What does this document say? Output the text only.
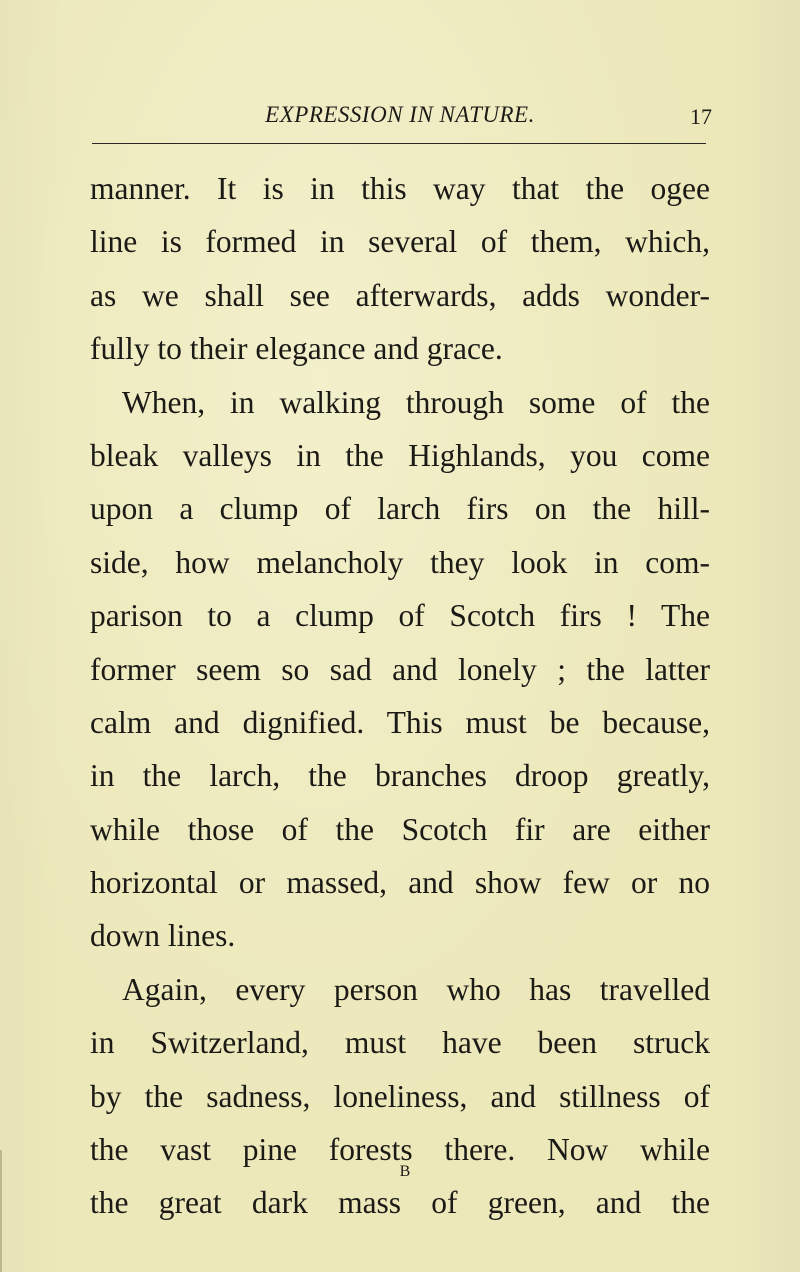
EXPRESSION IN NATURE.	17
manner. It is in this way that the ogee
line is formed in several of them, which,
as we shall see afterwards, adds wonder-
fully to their elegance and grace.
When, in walking through some of the
bleak valleys in the Highlands, you come
upon a clump of larch firs on the hill-
side, how melancholy they look in com-
parison to a clump of Scotch firs ! The
former seem so sad and lonely ; the latter
calm and dignified. This must be because,
in the larch, the branches droop greatly,
while those of the Scotch fir are either
horizontal or massed, and show few or no
down lines.
Again, every person who has travelled
in Switzerland, must have been struck
by the sadness, loneliness, and stillness of
the vast pine forests there. Now while
the great dark mass of green, and the
B
